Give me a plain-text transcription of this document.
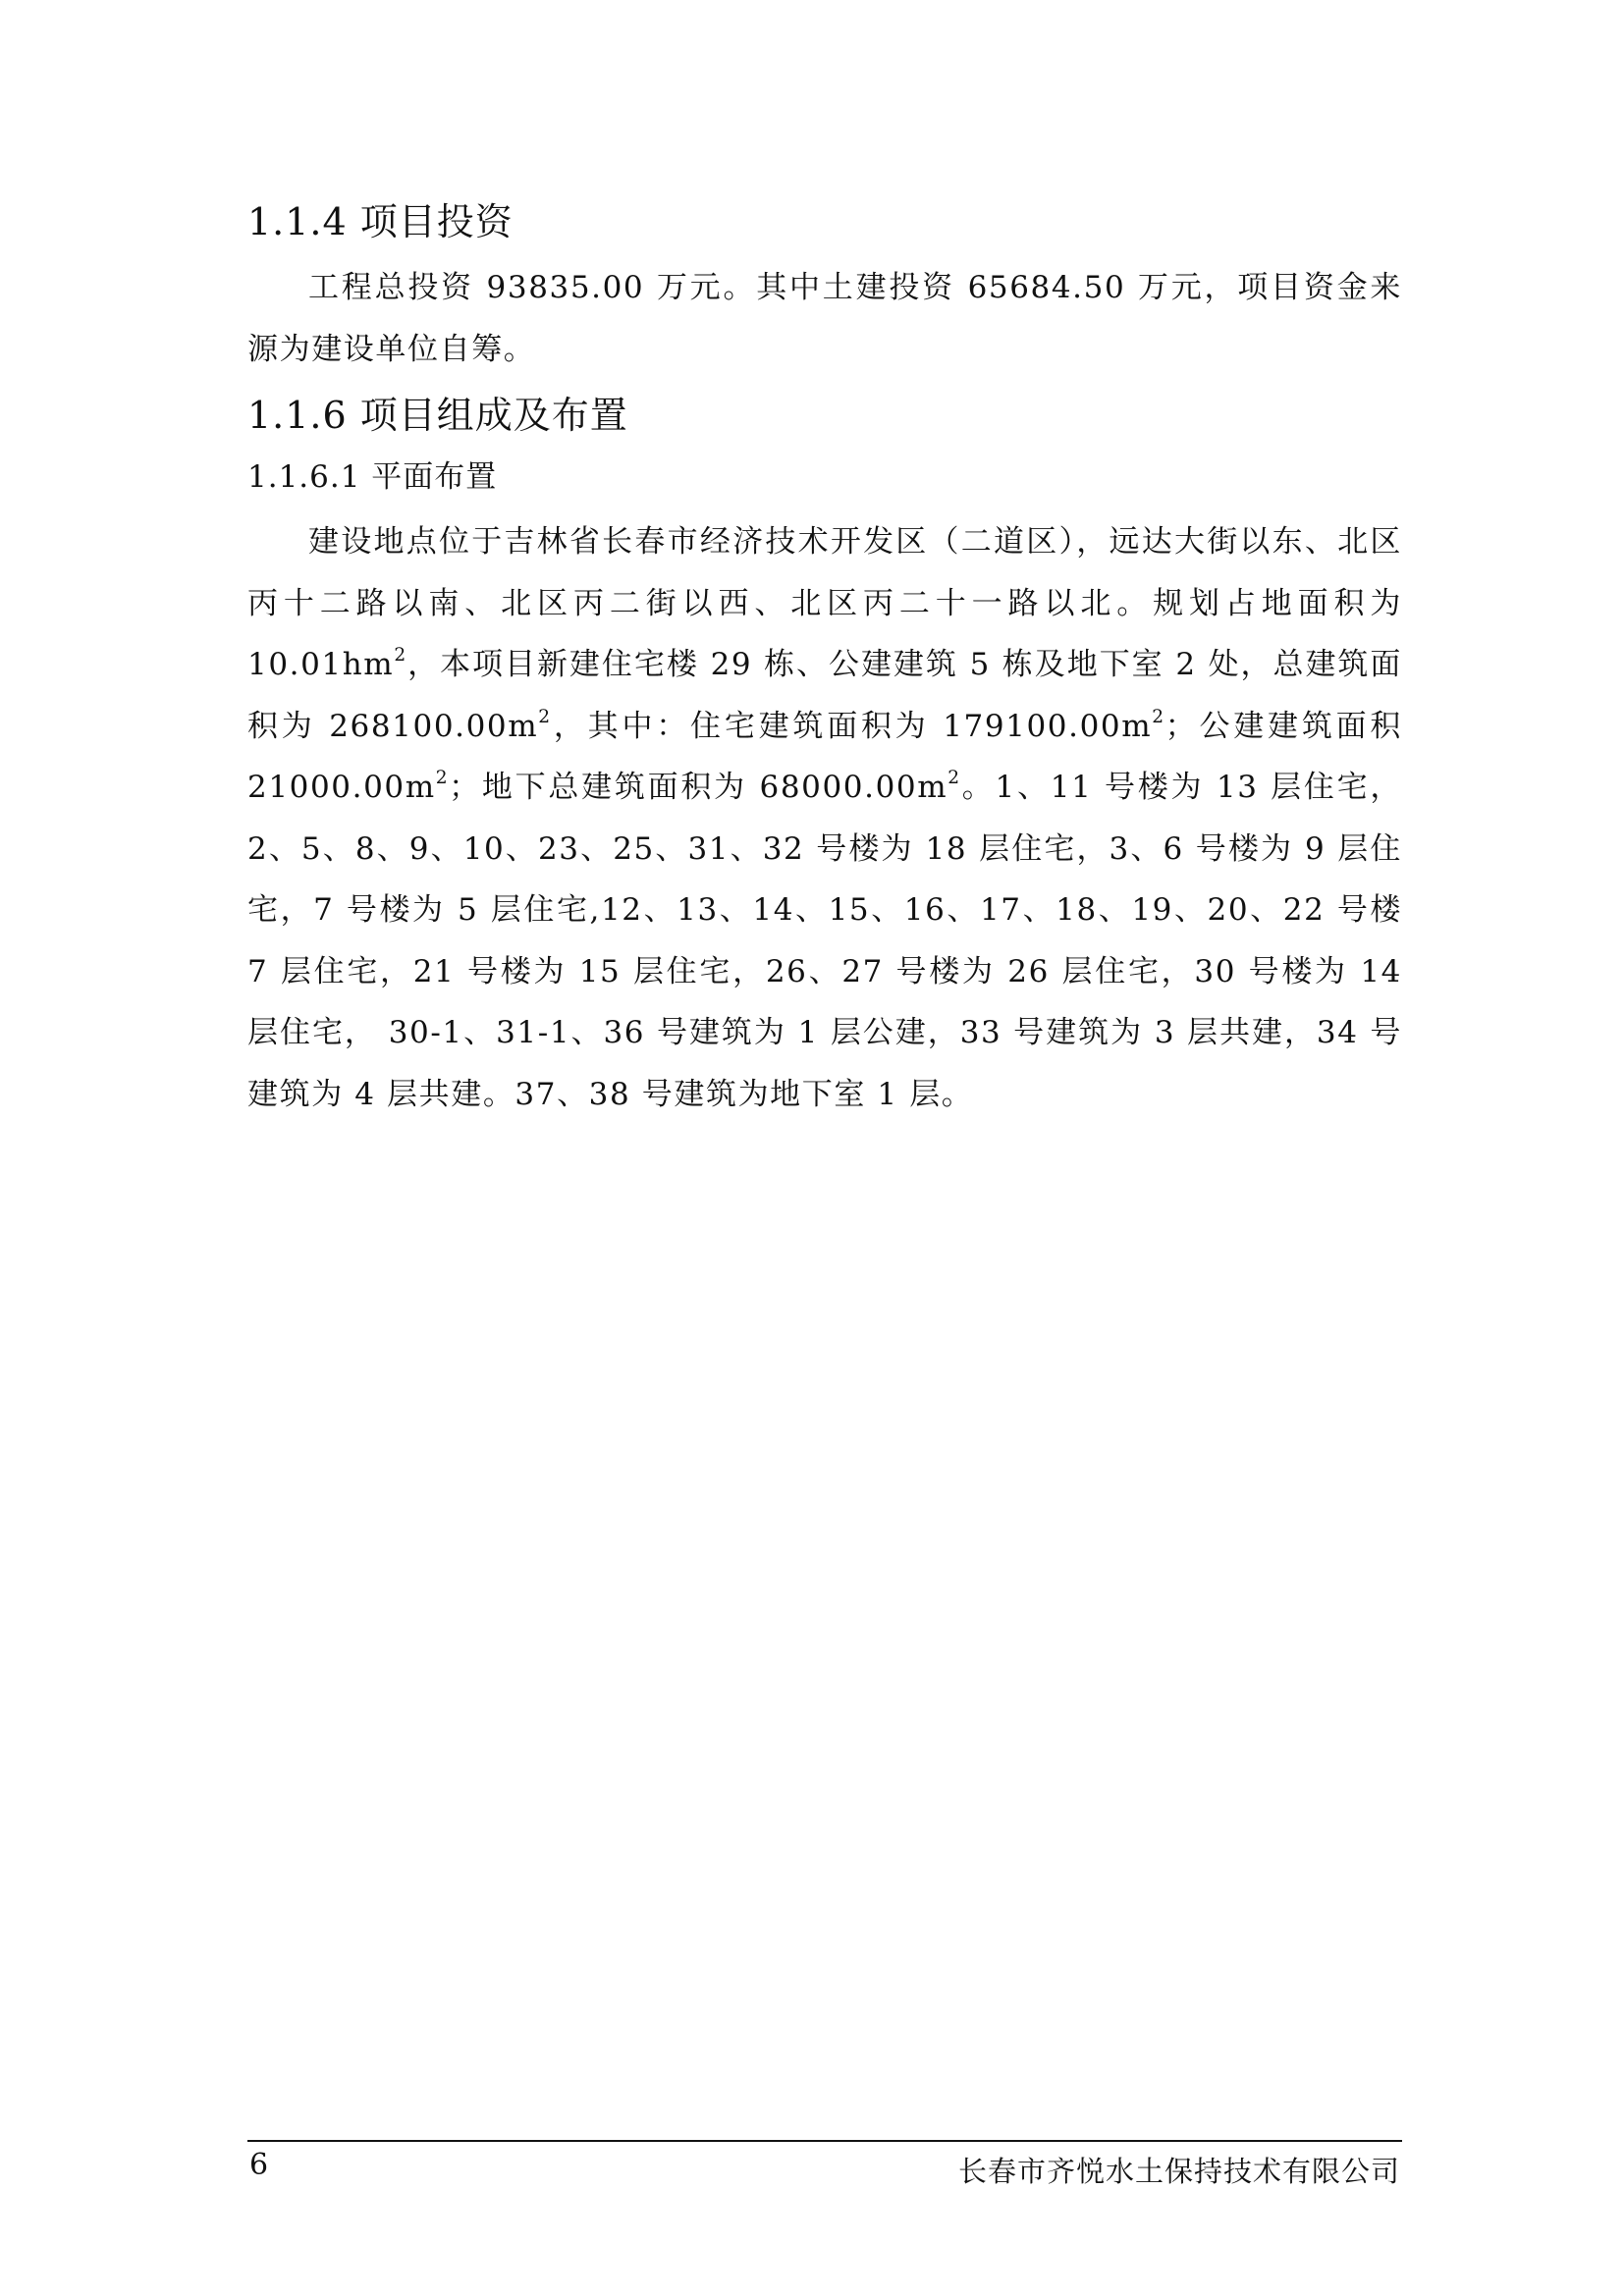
1.1.4 项目投资

工程总投资 93835.00 万元。其中土建投资 65684.50 万元，项目资金来源为建设单位自筹。

1.1.6 项目组成及布置
1.1.6.1 平面布置

建设地点位于吉林省长春市经济技术开发区（二道区），远达大街以东、北区丙十二路以南、北区丙二街以西、北区丙二十一路以北。规划占地面积为 $10.01hm^2$，本项目新建住宅楼 29 栋、公建建筑 5 栋及地下室 2 处，总建筑面积为 $268100.00m^2$，其中：住宅建筑面积为 $179100.00m^2$；公建建筑面积 $21000.00m^2$；地下总建筑面积为 $68000.00m^2$。1、11 号楼为 13 层住宅，2、5、8、9、10、23、25、31、32 号楼为 18 层住宅，3、6 号楼为 9 层住宅，7 号楼为 5 层住宅,12、13、14、15、16、17、18、19、20、22 号楼 7 层住宅，21 号楼为 15 层住宅，26、27 号楼为 26 层住宅，30 号楼为 14 层住宅， 30-1、31-1、36 号建筑为 1 层公建，33 号建筑为 3 层共建，34 号建筑为 4 层共建。37、38 号建筑为地下室 1 层。

6	长春市齐悦水土保持技术有限公司
